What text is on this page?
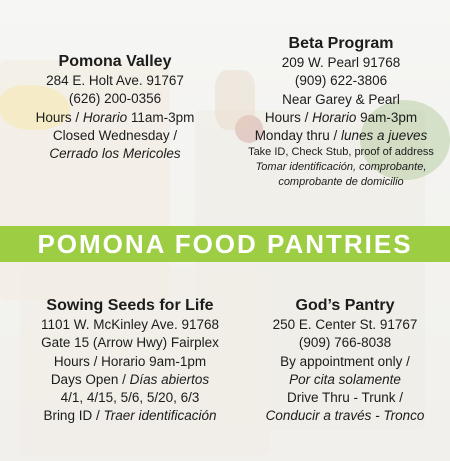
Pomona Valley
284 E. Holt Ave. 91767
(626) 200-0356
Hours / Horario 11am-3pm
Closed Wednesday /
Cerrado los Mericoles
Beta Program
209 W. Pearl 91768
(909) 622-3806
Near Garey & Pearl
Hours / Horario 9am-3pm
Monday thru / lunes a jueves
Take ID, Check Stub, proof of address
Tomar identificación, comprobante,
comprobante de domicilio
POMONA FOOD PANTRIES
Sowing Seeds for Life
1101 W. McKinley Ave. 91768
Gate 15 (Arrow Hwy) Fairplex
Hours / Horario 9am-1pm
Days Open / Días abiertos
4/1, 4/15, 5/6, 5/20, 6/3
Bring ID / Traer identificación
God’s Pantry
250 E. Center St. 91767
(909) 766-8038
By appointment only /
Por cita solamente
Drive Thru - Trunk /
Conducir a través - Tronco
